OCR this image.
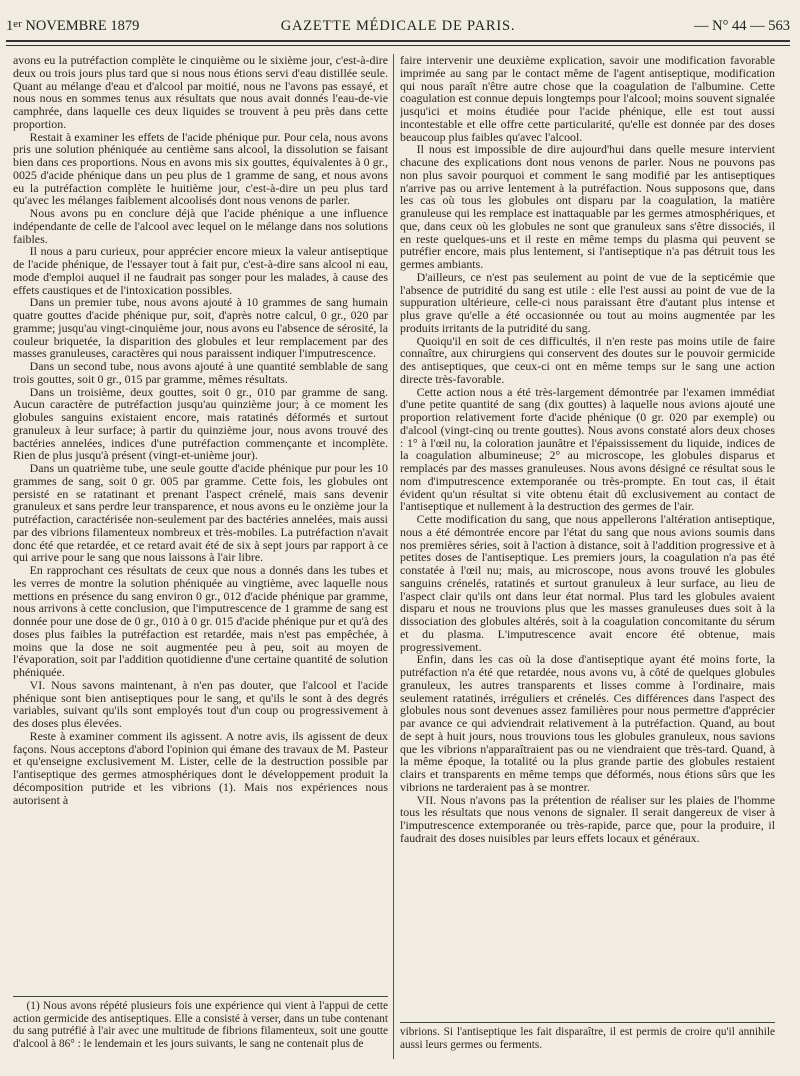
1er NOVEMBRE 1879	GAZETTE MÉDICALE DE PARIS.	— N° 44 — 563

avons eu la putréfaction complète le cinquième ou le sixième jour, c'est-à-dire deux ou trois jours plus tard que si nous nous étions servi d'eau distillée seule. Quant au mélange d'eau et d'alcool par moitié, nous ne l'avons pas essayé, et nous nous en sommes tenus aux résultats que nous avait donnés l'eau-de-vie camphrée, dans laquelle ces deux liquides se trouvent à peu près dans cette proportion.

Restait à examiner les effets de l'acide phénique pur. Pour cela, nous avons pris une solution phéniquée au centième sans alcool, la dissolution se faisant bien dans ces proportions. Nous en avons mis six gouttes, équivalentes à 0 gr., 0025 d'acide phénique dans un peu plus de 1 gramme de sang, et nous avons eu la putréfaction complète le huitième jour, c'est-à-dire un peu plus tard qu'avec les mélanges faiblement alcoolisés dont nous venons de parler.

Nous avons pu en conclure déjà que l'acide phénique a une influence indépendante de celle de l'alcool avec lequel on le mélange dans nos solutions faibles.

Il nous a paru curieux, pour apprécier encore mieux la valeur antiseptique de l'acide phénique, de l'essayer tout à fait pur, c'est-à-dire sans alcool ni eau, mode d'emploi auquel il ne faudrait pas songer pour les malades, à cause des effets caustiques et de l'intoxication possibles.

Dans un premier tube, nous avons ajouté à 10 grammes de sang humain quatre gouttes d'acide phénique pur, soit, d'après notre calcul, 0 gr., 020 par gramme; jusqu'au vingt-cinquième jour, nous avons eu l'absence de sérosité, la couleur briquetée, la disparition des globules et leur remplacement par des masses granuleuses, caractères qui nous paraissent indiquer l'imputrescence.

Dans un second tube, nous avons ajouté à une quantité semblable de sang trois gouttes, soit 0 gr., 015 par gramme, mêmes résultats.

Dans un troisième, deux gouttes, soit 0 gr., 010 par gramme de sang. Aucun caractère de putréfaction jusqu'au quinzième jour; à ce moment les globules sanguins existaient encore, mais ratatinés déformés et surtout granuleux à leur surface; à partir du quinzième jour, nous avons trouvé des bactéries annelées, indices d'une putréfaction commençante et incomplète. Rien de plus jusqu'à présent (vingt-et-unième jour).

Dans un quatrième tube, une seule goutte d'acide phénique pur pour les 10 grammes de sang, soit 0 gr. 005 par gramme. Cette fois, les globules ont persisté en se ratatinant et prenant l'aspect crénelé, mais sans devenir granuleux et sans perdre leur transparence, et nous avons eu le onzième jour la putréfaction, caractérisée non-seulement par des bactéries annelées, mais aussi par des vibrions filamenteux nombreux et très-mobiles. La putréfaction n'avait donc été que retardée, et ce retard avait été de six à sept jours par rapport à ce qui arrive pour le sang que nous laissons à l'air libre.

En rapprochant ces résultats de ceux que nous a donnés dans les tubes et les verres de montre la solution phéniquée au vingtième, avec laquelle nous mettions en présence du sang environ 0 gr., 012 d'acide phénique par gramme, nous arrivons à cette conclusion, que l'imputrescence de 1 gramme de sang est donnée pour une dose de 0 gr., 010 à 0 gr. 015 d'acide phénique pur et qu'à des doses plus faibles la putréfaction est retardée, mais n'est pas empêchée, à moins que la dose ne soit augmentée peu à peu, soit au moyen de l'évaporation, soit par l'addition quotidienne d'une certaine quantité de solution phéniquée.

VI. Nous savons maintenant, à n'en pas douter, que l'alcool et l'acide phénique sont bien antiseptiques pour le sang, et qu'ils le sont à des degrés variables, suivant qu'ils sont employés tout d'un coup ou progressivement à des doses plus élevées.

Reste à examiner comment ils agissent. A notre avis, ils agissent de deux façons. Nous acceptons d'abord l'opinion qui émane des travaux de M. Pasteur et qu'enseigne exclusivement M. Lister, celle de la destruction possible par l'antiseptique des germes atmosphériques dont le développement produit la décomposition putride et les vibrions (1). Mais nos expériences nous autorisent à

(1) Nous avons répété plusieurs fois une expérience qui vient à l'appui de cette action germicide des antiseptiques. Elle a consisté à verser, dans un tube contenant du sang putréfié à l'air avec une multitude de fibrions filamenteux, soit une goutte d'alcool à 86° : le lendemain et les jours suivants, le sang ne contenait plus de

faire intervenir une deuxième explication, savoir une modification favorable imprimée au sang par le contact même de l'agent antiseptique, modification qui nous paraît n'être autre chose que la coagulation de l'albumine. Cette coagulation est connue depuis longtemps pour l'alcool; moins souvent signalée jusqu'ici et moins étudiée pour l'acide phénique, elle est tout aussi incontestable et elle offre cette particularité, qu'elle est donnée par des doses beaucoup plus faibles qu'avec l'alcool.

Il nous est impossible de dire aujourd'hui dans quelle mesure intervient chacune des explications dont nous venons de parler. Nous ne pouvons pas non plus savoir pourquoi et comment le sang modifié par les antiseptiques n'arrive pas ou arrive lentement à la putréfaction. Nous supposons que, dans les cas où tous les globules ont disparu par la coagulation, la matière granuleuse qui les remplace est inattaquable par les germes atmosphériques, et que, dans ceux où les globules ne sont que granuleux sans s'être dissociés, il en reste quelques-uns et il reste en même temps du plasma qui peuvent se putréfier encore, mais plus lentement, si l'antiseptique n'a pas détruit tous les germes ambiants.

D'ailleurs, ce n'est pas seulement au point de vue de la septicémie que l'absence de putridité du sang est utile : elle l'est aussi au point de vue de la suppuration ultérieure, celle-ci nous paraissant être d'autant plus intense et plus grave qu'elle a été occasionnée ou tout au moins augmentée par les produits irritants de la putridité du sang.

Quoiqu'il en soit de ces difficultés, il n'en reste pas moins utile de faire connaître, aux chirurgiens qui conservent des doutes sur le pouvoir germicide des antiseptiques, que ceux-ci ont en même temps sur le sang une action directe très-favorable.

Cette action nous a été très-largement démontrée par l'examen immédiat d'une petite quantité de sang (dix gouttes) à laquelle nous avions ajouté une proportion relativement forte d'acide phénique (0 gr. 020 par exemple) ou d'alcool (vingt-cinq ou trente gouttes). Nous avons constaté alors deux choses : 1° à l'œil nu, la coloration jaunâtre et l'épaississement du liquide, indices de la coagulation albumineuse; 2° au microscope, les globules disparus et remplacés par des masses granuleuses. Nous avons désigné ce résultat sous le nom d'imputrescence extemporanée ou très-prompte. En tout cas, il était évident qu'un résultat si vite obtenu était dû exclusivement au contact de l'antiseptique et nullement à la destruction des germes de l'air.

Cette modification du sang, que nous appellerons l'altération antiseptique, nous a été démontrée encore par l'état du sang que nous avions soumis dans nos premières séries, soit à l'action à distance, soit à l'addition progressive et à petites doses de l'antiseptique. Les premiers jours, la coagulation n'a pas été constatée à l'œil nu; mais, au microscope, nous avons trouvé les globules sanguins crénelés, ratatinés et surtout granuleux à leur surface, au lieu de l'aspect clair qu'ils ont dans leur état normal. Plus tard les globules avaient disparu et nous ne trouvions plus que les masses granuleuses dues soit à la dissociation des globules altérés, soit à la coagulation concomitante du sérum et du plasma. L'imputrescence avait encore été obtenue, mais progressivement.

Enfin, dans les cas où la dose d'antiseptique ayant été moins forte, la putréfaction n'a été que retardée, nous avons vu, à côté de quelques globules granuleux, les autres transparents et lisses comme à l'ordinaire, mais seulement ratatinés, irréguliers et crénelés. Ces différences dans l'aspect des globules nous sont devenues assez familières pour nous permettre d'apprécier par avance ce qui adviendrait relativement à la putréfaction. Quand, au bout de sept à huit jours, nous trouvions tous les globules granuleux, nous savions que les vibrions n'apparaîtraient pas ou ne viendraient que très-tard. Quand, à la même époque, la totalité ou la plus grande partie des globules restaient clairs et transparents en même temps que déformés, nous étions sûrs que les vibrions ne tarderaient pas à se montrer.

VII. Nous n'avons pas la prétention de réaliser sur les plaies de l'homme tous les résultats que nous venons de signaler. Il serait dangereux de viser à l'imputrescence extemporanée ou très-rapide, parce que, pour la produire, il faudrait des doses nuisibles par leurs effets locaux et généraux.

vibrions. Si l'antiseptique les fait disparaître, il est permis de croire qu'il annihile aussi leurs germes ou ferments.
